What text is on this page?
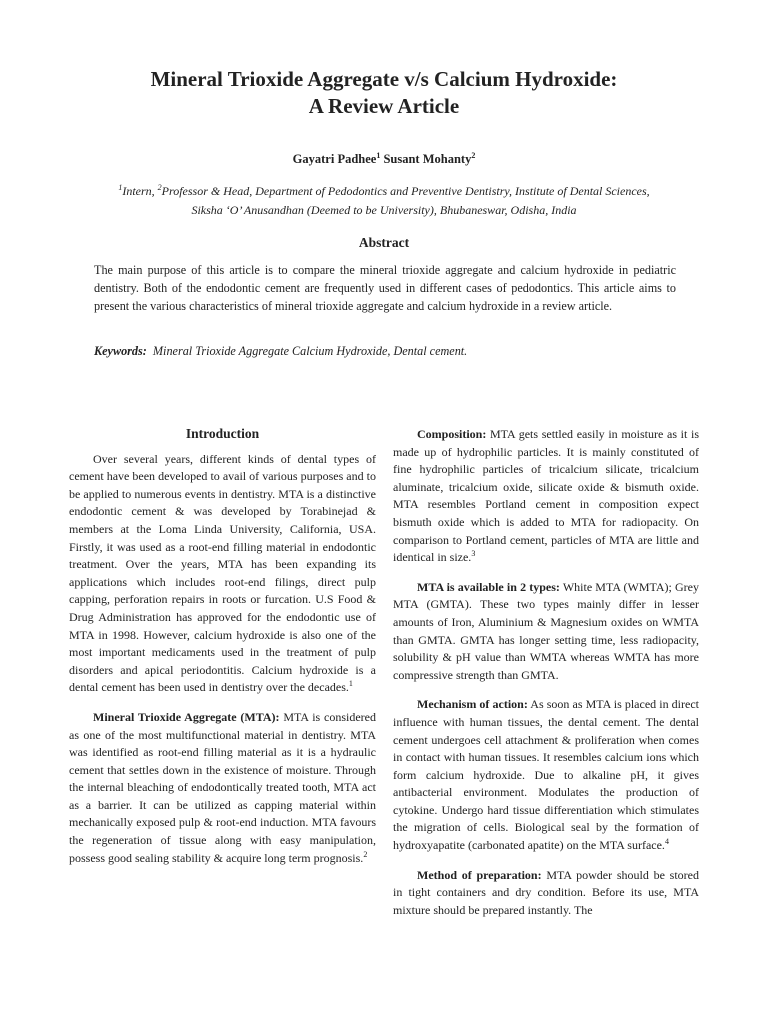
Mineral Trioxide Aggregate v/s Calcium Hydroxide:
A Review Article
Gayatri Padhee$^1$ Susant Mohanty$^2$
$^1$Intern, $^2$Professor & Head, Department of Pedodontics and Preventive Dentistry, Institute of Dental Sciences,
Siksha ‘O’ Anusandhan (Deemed to be University), Bhubaneswar, Odisha, India
Abstract

The main purpose of this article is to compare the mineral trioxide aggregate and calcium hydroxide in pediatric dentistry. Both of the endodontic cement are frequently used in different cases of pedodontics. This article aims to present the various characteristics of mineral trioxide aggregate and calcium hydroxide in a review article.

Keywords: Mineral Trioxide Aggregate Calcium Hydroxide, Dental cement.

Introduction

Over several years, different kinds of dental types of cement have been developed to avail of various purposes and to be applied to numerous events in dentistry. MTA is a distinctive endodontic cement & was developed by Torabinejad & members at the Loma Linda University, California, USA. Firstly, it was used as a root-end filling material in endodontic treatment. Over the years, MTA has been expanding its applications which includes root-end filings, direct pulp capping, perforation repairs in roots or furcation. U.S Food & Drug Administration has approved for the endodontic use of MTA in 1998. However, calcium hydroxide is also one of the most important medicaments used in the treatment of pulp disorders and apical periodontitis. Calcium hydroxide is a dental cement has been used in dentistry over the decades.$^1$

Mineral Trioxide Aggregate (MTA): MTA is considered as one of the most multifunctional material in dentistry. MTA was identified as root-end filling material as it is a hydraulic cement that settles down in the existence of moisture. Through the internal bleaching of endodontically treated tooth, MTA act as a barrier. It can be utilized as capping material within mechanically exposed pulp & root-end induction. MTA favours the regeneration of tissue along with easy manipulation, possess good sealing stability & acquire long term prognosis.$^2$

Composition: MTA gets settled easily in moisture as it is made up of hydrophilic particles. It is mainly constituted of fine hydrophilic particles of tricalcium silicate, tricalcium aluminate, tricalcium oxide, silicate oxide & bismuth oxide. MTA resembles Portland cement in composition expect bismuth oxide which is added to MTA for radiopacity. On comparison to Portland cement, particles of MTA are little and identical in size.$^3$

MTA is available in 2 types: White MTA (WMTA); Grey MTA (GMTA). These two types mainly differ in lesser amounts of Iron, Aluminium & Magnesium oxides on WMTA than GMTA. GMTA has longer setting time, less radiopacity, solubility & pH value than WMTA whereas WMTA has more compressive strength than GMTA.

Mechanism of action: As soon as MTA is placed in direct influence with human tissues, the dental cement. The dental cement undergoes cell attachment & proliferation when comes in contact with human tissues. It resembles calcium ions which form calcium hydroxide. Due to alkaline pH, it gives antibacterial environment. Modulates the production of cytokine. Undergo hard tissue differentiation which stimulates the migration of cells. Biological seal by the formation of hydroxyapatite (carbonated apatite) on the MTA surface.$^4$

Method of preparation: MTA powder should be stored in tight containers and dry condition. Before its use, MTA mixture should be prepared instantly. The
